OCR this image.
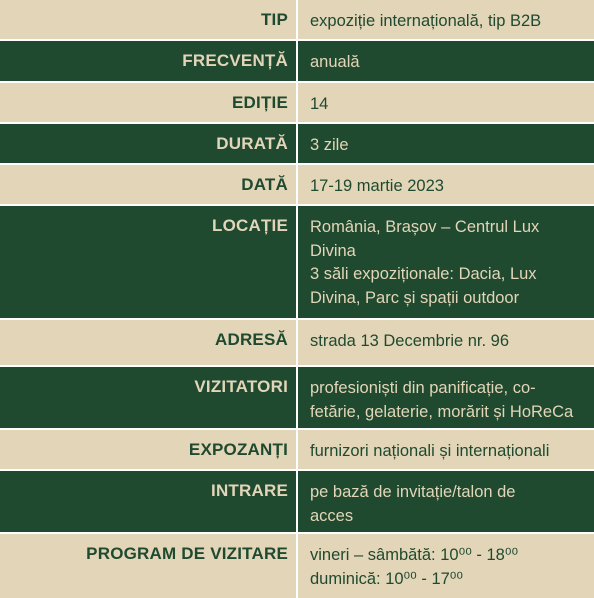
TIP	expoziție internațională, tip B2B
FRECVENȚĂ	anuală
EDIȚIE	14
DURATĂ	3 zile
DATĂ	17-19 martie 2023
LOCAȚIE	România, Brașov – Centrul Lux
Divina
3 săli expoziționale: Dacia, Lux
Divina, Parc și spații outdoor
ADRESĂ	strada 13 Decembrie nr. 96
VIZITATORI	profesioniști din panificație, co-
fetărie, gelaterie, morărit și HoReCa
EXPOZANȚI	furnizori naționali și internaționali
INTRARE	pe bază de invitație/talon de
acces
PROGRAM DE VIZITARE	vineri – sâmbătă: 10⁰⁰ - 18⁰⁰
duminică: 10⁰⁰ - 17⁰⁰
